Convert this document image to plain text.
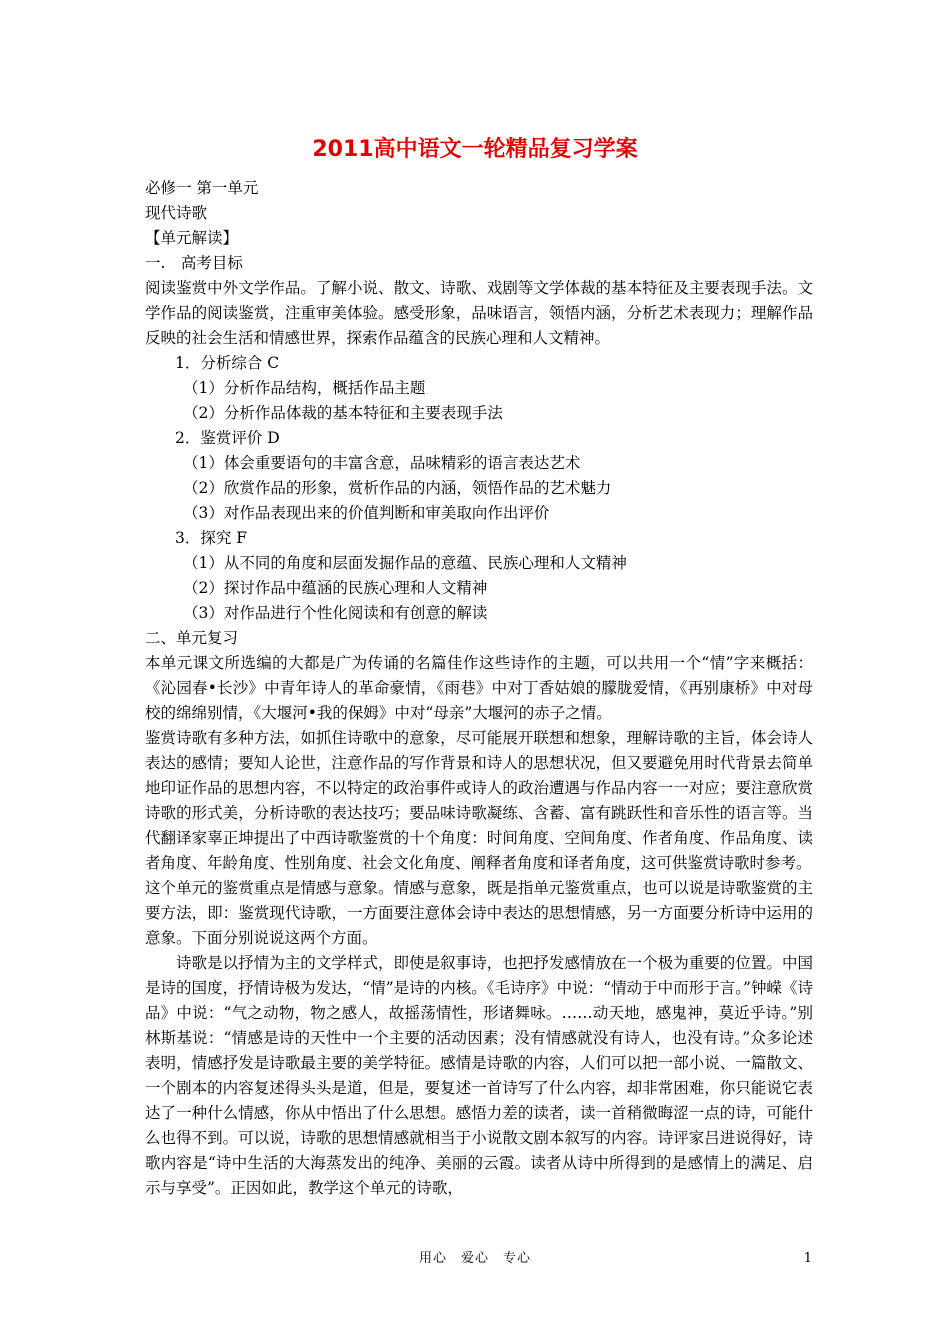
2011高中语文一轮精品复习学案
必修一 第一单元
现代诗歌
【单元解读】
一.　高考目标
阅读鉴赏中外文学作品。了解小说、散文、诗歌、戏剧等文学体裁的基本特征及主要表现手法。文学作品的阅读鉴赏，注重审美体验。感受形象，品味语言，领悟内涵，分析艺术表现力；理解作品反映的社会生活和情感世界，探索作品蕴含的民族心理和人文精神。
1．分析综合 C
（1）分析作品结构，概括作品主题
（2）分析作品体裁的基本特征和主要表现手法
2．鉴赏评价 D
（1）体会重要语句的丰富含意，品味精彩的语言表达艺术
（2）欣赏作品的形象，赏析作品的内涵，领悟作品的艺术魅力
（3）对作品表现出来的价值判断和审美取向作出评价
3．探究 F
（1）从不同的角度和层面发掘作品的意蕴、民族心理和人文精神
（2）探讨作品中蕴涵的民族心理和人文精神
（3）对作品进行个性化阅读和有创意的解读
二、单元复习
本单元课文所选编的大都是广为传诵的名篇佳作这些诗作的主题，可以共用一个“情”字来概括：《沁园春•长沙》中青年诗人的革命豪情，《雨巷》中对丁香姑娘的朦胧爱情，《再别康桥》中对母校的绵绵别情，《大堰河•我的保姆》中对“母亲”大堰河的赤子之情。
鉴赏诗歌有多种方法，如抓住诗歌中的意象，尽可能展开联想和想象，理解诗歌的主旨，体会诗人表达的感情；要知人论世，注意作品的写作背景和诗人的思想状况，但又要避免用时代背景去简单地印证作品的思想内容，不以特定的政治事件或诗人的政治遭遇与作品内容一一对应；要注意欣赏诗歌的形式美，分析诗歌的表达技巧；要品味诗歌凝练、含蓄、富有跳跃性和音乐性的语言等。当代翻译家辜正坤提出了中西诗歌鉴赏的十个角度：时间角度、空间角度、作者角度、作品角度、读者角度、年龄角度、性别角度、社会文化角度、阐释者角度和译者角度，这可供鉴赏诗歌时参考。
这个单元的鉴赏重点是情感与意象。情感与意象，既是指单元鉴赏重点，也可以说是诗歌鉴赏的主要方法，即：鉴赏现代诗歌，一方面要注意体会诗中表达的思想情感，另一方面要分析诗中运用的意象。下面分别说说这两个方面。
诗歌是以抒情为主的文学样式，即使是叙事诗，也把抒发感情放在一个极为重要的位置。中国是诗的国度，抒情诗极为发达，“情”是诗的内核。《毛诗序》中说：“情动于中而形于言。”钟嵘《诗品》中说：“气之动物，物之感人，故摇荡情性，形诸舞咏。……动天地，感鬼神，莫近乎诗。”别林斯基说：“情感是诗的天性中一个主要的活动因素；没有情感就没有诗人，也没有诗。”众多论述表明，情感抒发是诗歌最主要的美学特征。感情是诗歌的内容，人们可以把一部小说、一篇散文、一个剧本的内容复述得头头是道，但是，要复述一首诗写了什么内容，却非常困难，你只能说它表达了一种什么情感，你从中悟出了什么思想。感悟力差的读者，读一首稍微晦涩一点的诗，可能什么也得不到。可以说，诗歌的思想情感就相当于小说散文剧本叙写的内容。诗评家吕进说得好，诗歌内容是“诗中生活的大海蒸发出的纯净、美丽的云霞。读者从诗中所得到的是感情上的满足、启示与享受”。正因如此，教学这个单元的诗歌，
用心　爱心　专心	1
